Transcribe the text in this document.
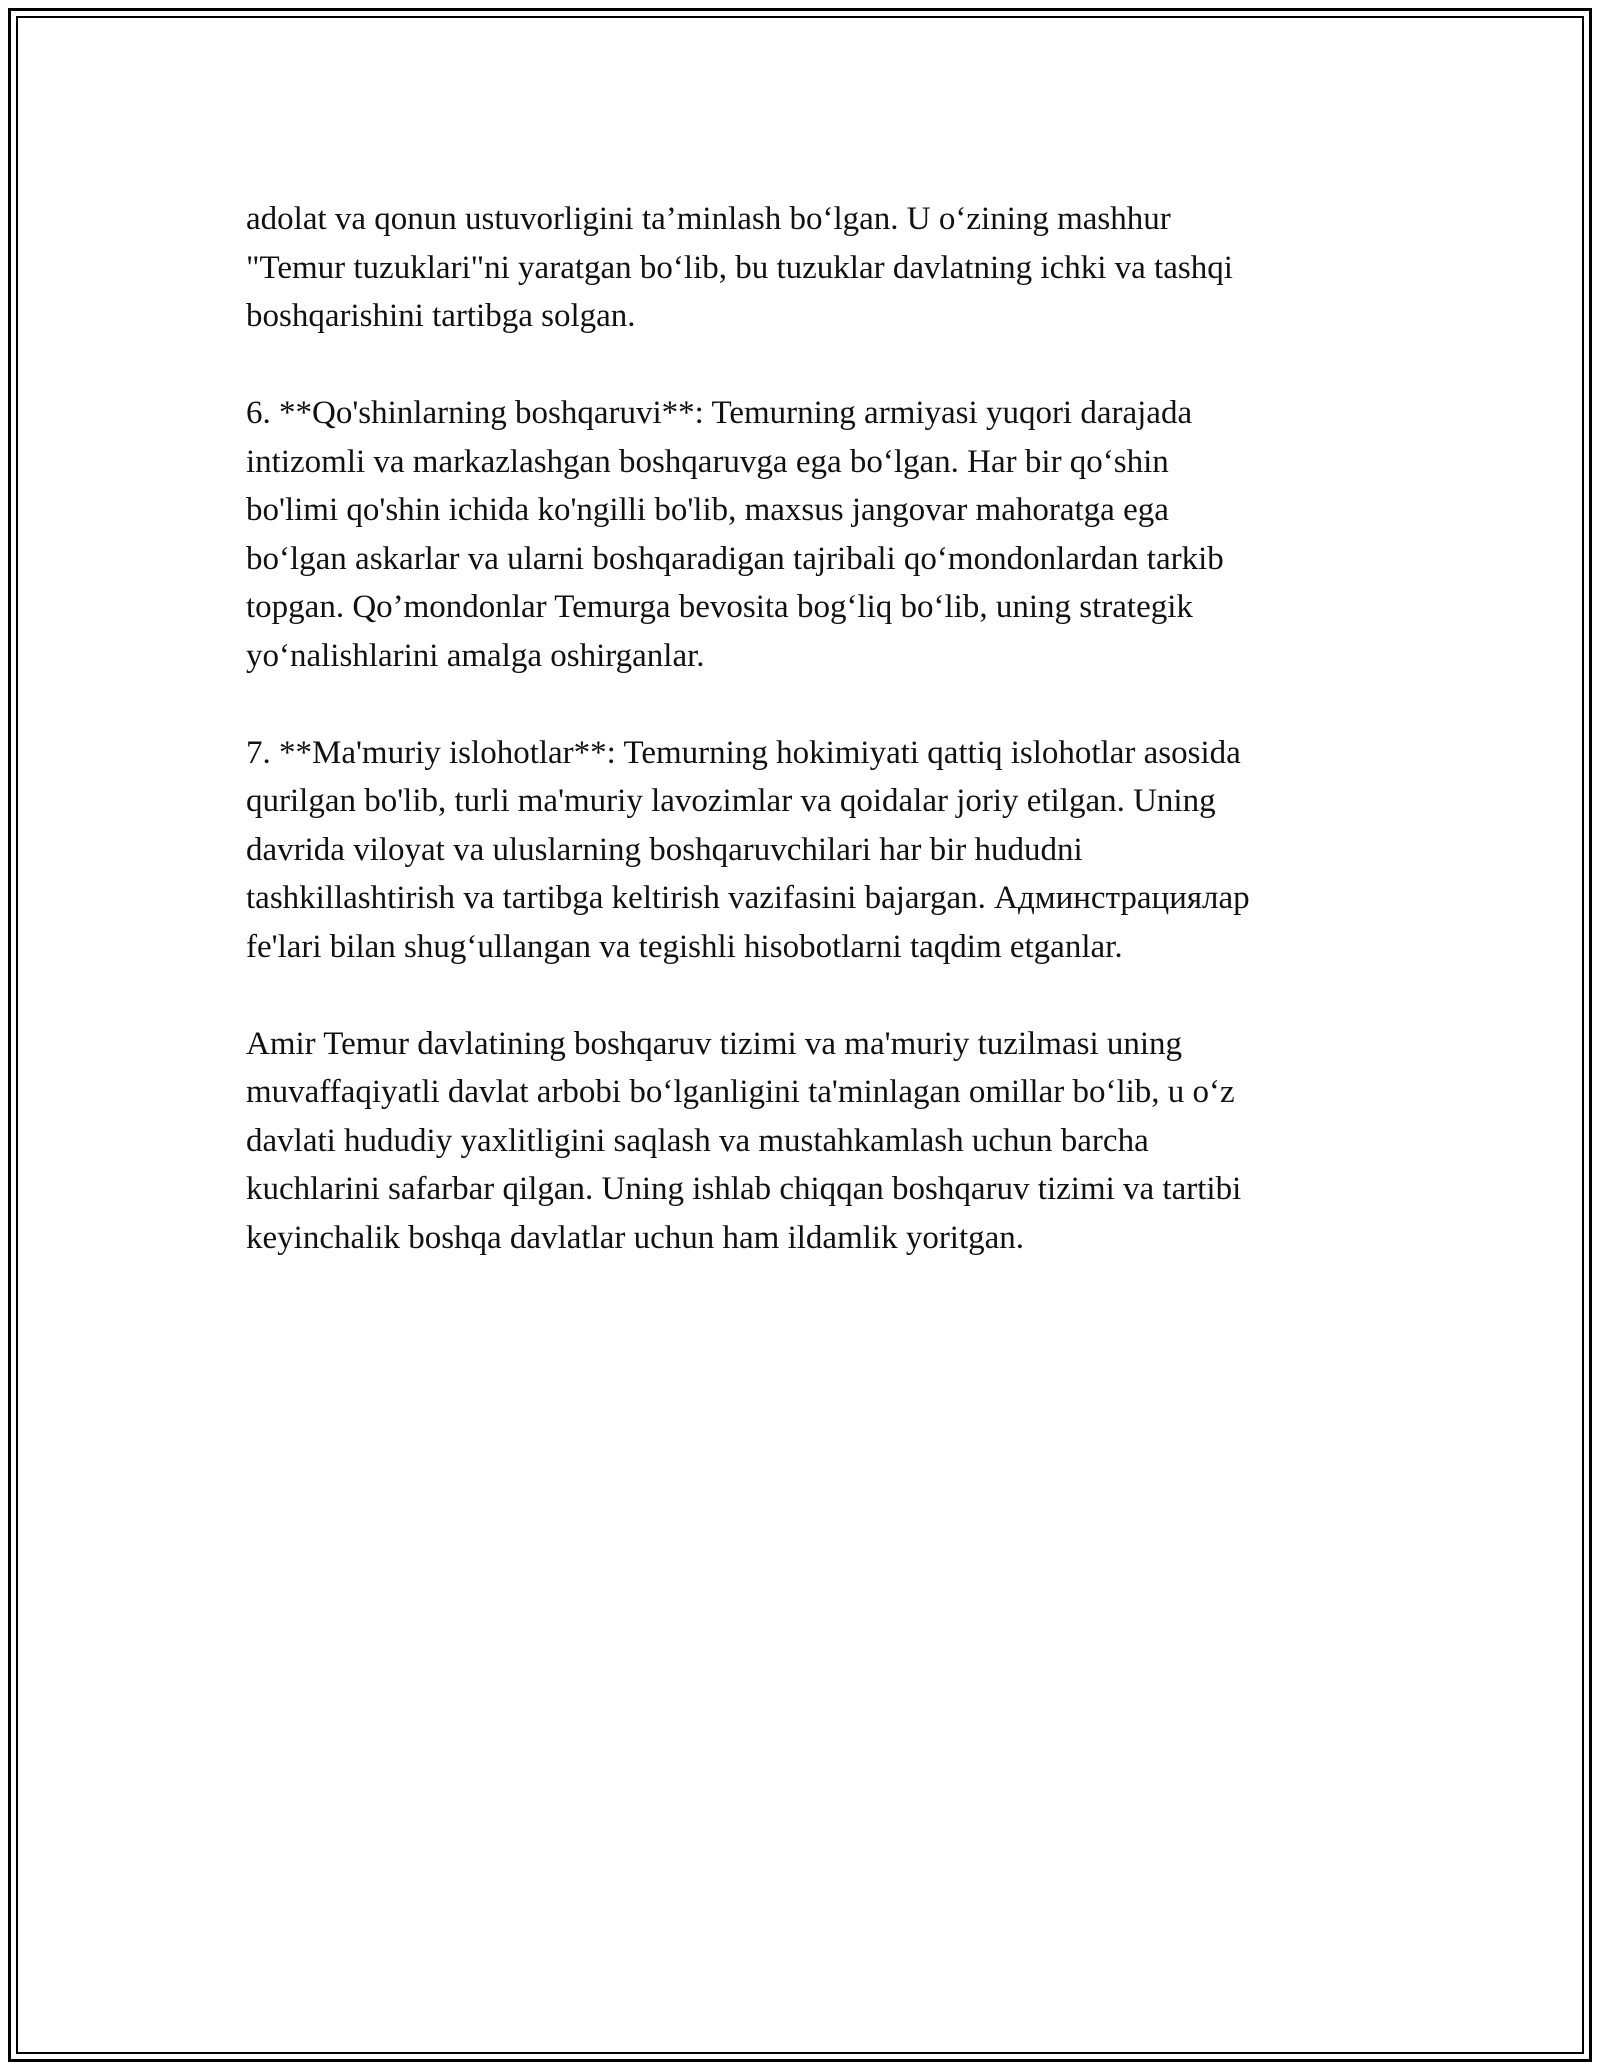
adolat va qonun ustuvorligini ta’minlash bo‘lgan. U o‘zining mashhur
"Temur tuzuklari"ni yaratgan bo‘lib, bu tuzuklar davlatning ichki va tashqi
boshqarishini tartibga solgan.

6. **Qo'shinlarning boshqaruvi**: Temurning armiyasi yuqori darajada
intizomli va markazlashgan boshqaruvga ega bo‘lgan. Har bir qo‘shin
bo'limi qo'shin ichida ko'ngilli bo'lib, maxsus jangovar mahoratga ega
bo‘lgan askarlar va ularni boshqaradigan tajribali qo‘mondonlardan tarkib
topgan. Qo’mondonlar Temurga bevosita bog‘liq bo‘lib, uning strategik
yo‘nalishlarini amalga oshirganlar.

7. **Ma'muriy islohotlar**: Temurning hokimiyati qattiq islohotlar asosida
qurilgan bo'lib, turli ma'muriy lavozimlar va qoidalar joriy etilgan. Uning
davrida viloyat va uluslarning boshqaruvchilari har bir hududni
tashkillashtirish va tartibga keltirish vazifasini bajargan. Админстрациялар
fe'lari bilan shug‘ullangan va tegishli hisobotlarni taqdim etganlar.

Amir Temur davlatining boshqaruv tizimi va ma'muriy tuzilmasi uning
muvaffaqiyatli davlat arbobi bo‘lganligini ta'minlagan omillar bo‘lib, u o‘z
davlati hududiy yaxlitligini saqlash va mustahkamlash uchun barcha
kuchlarini safarbar qilgan. Uning ishlab chiqqan boshqaruv tizimi va tartibi
keyinchalik boshqa davlatlar uchun ham ildamlik yoritgan.
